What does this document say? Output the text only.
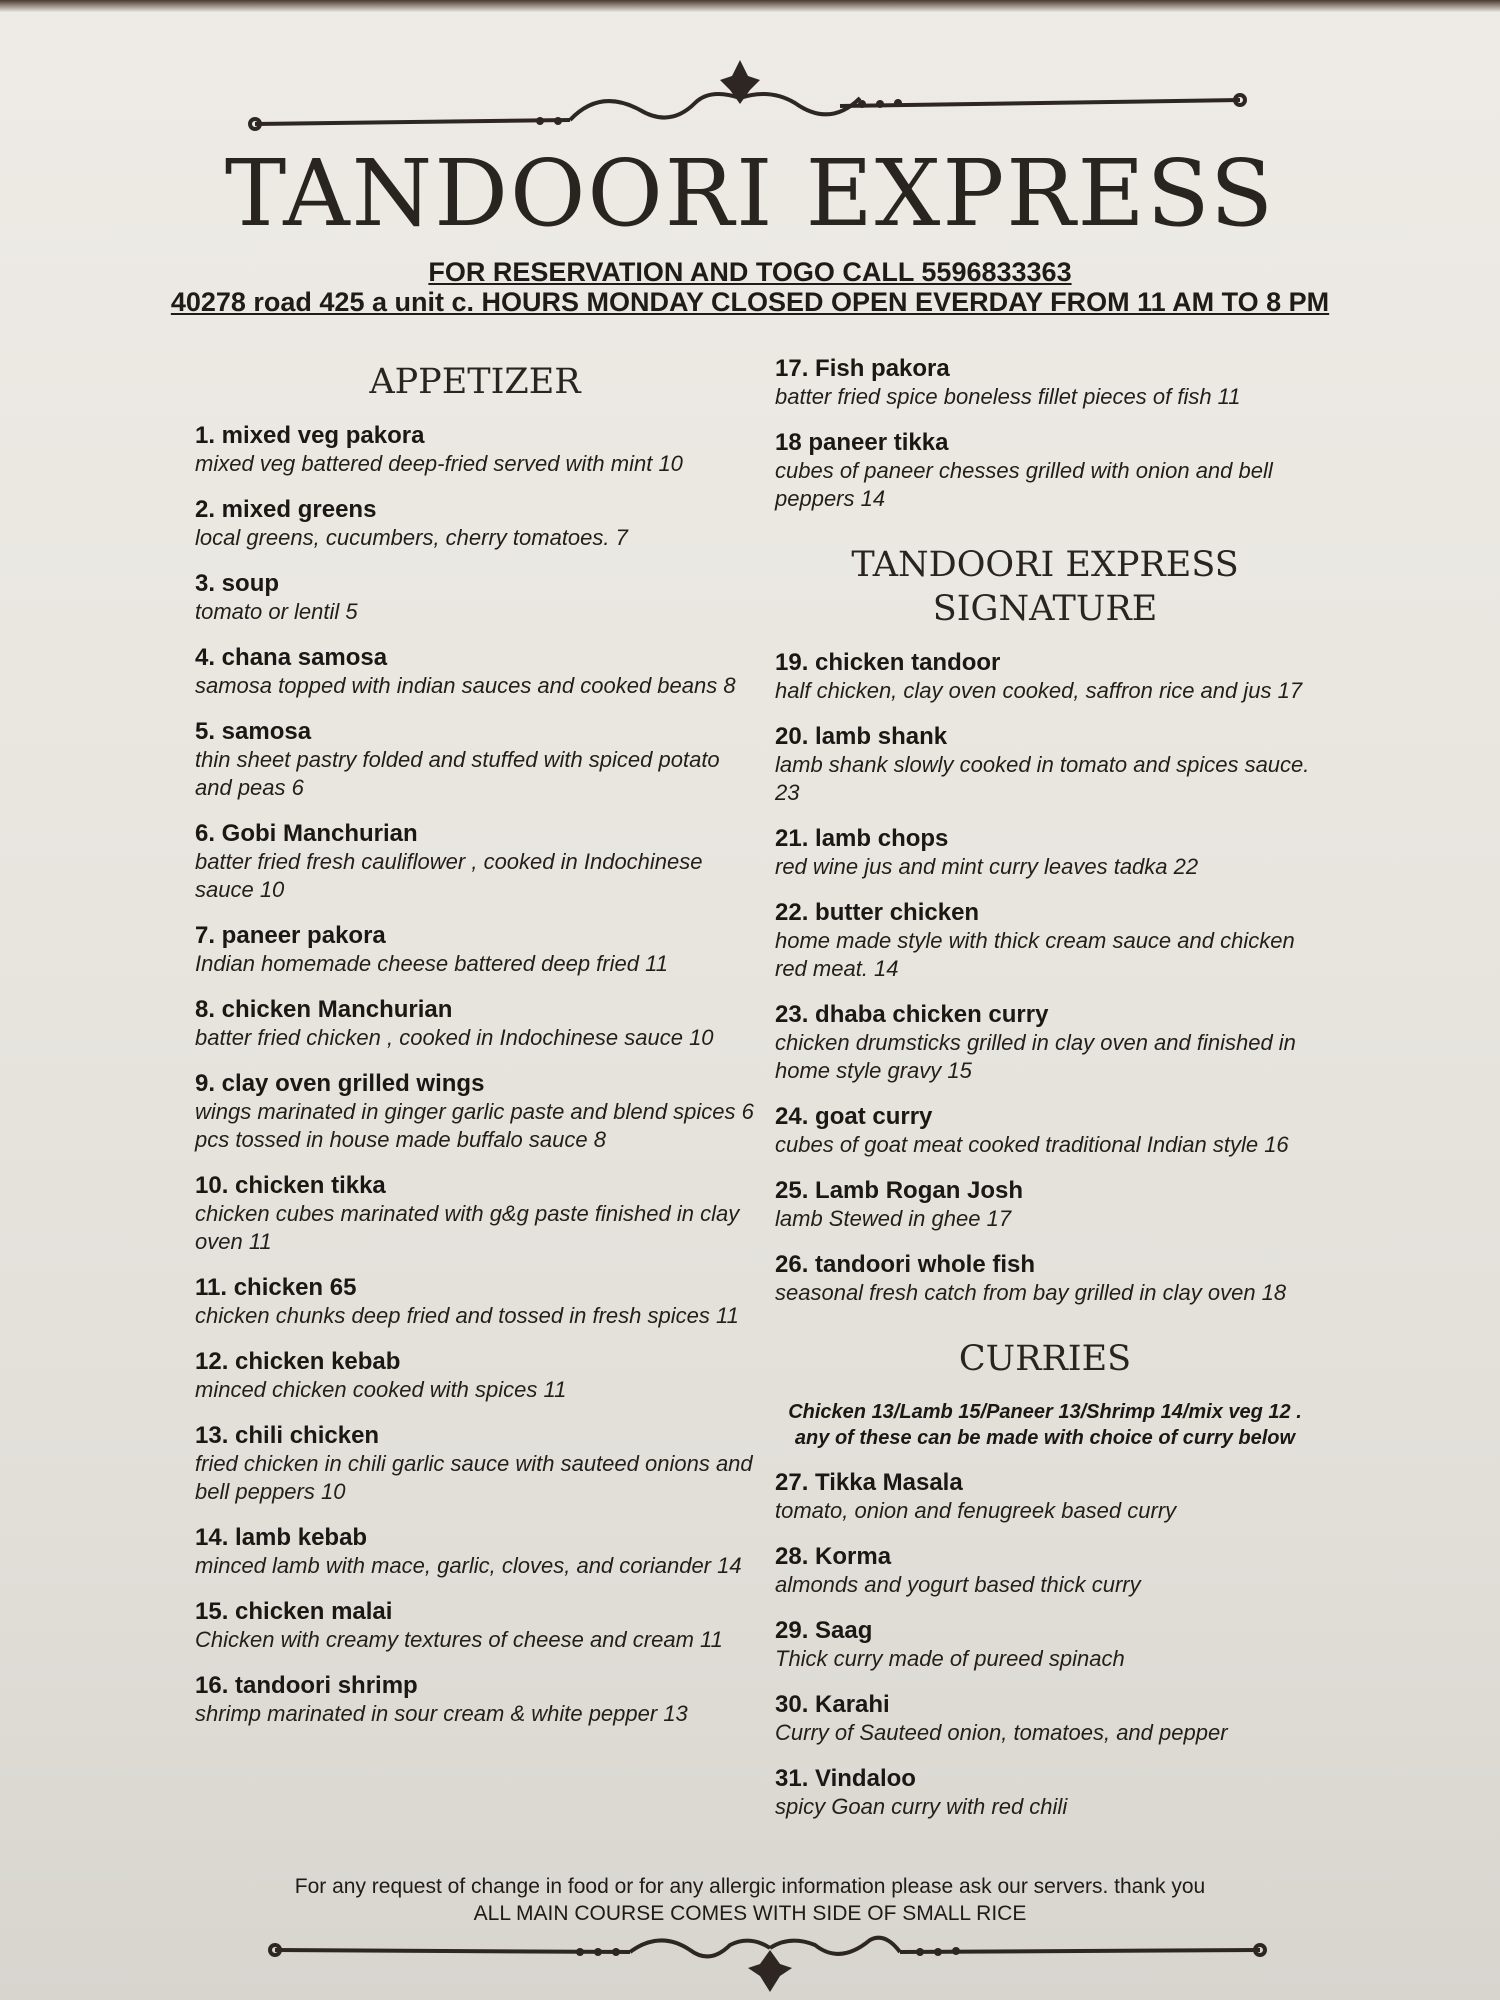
TANDOORI EXPRESS
FOR RESERVATION AND TOGO CALL 5596833363
40278 road 425 a unit c. HOURS MONDAY CLOSED OPEN EVERDAY FROM 11 AM TO 8 PM
APPETIZER
1. mixed veg pakora
mixed veg battered deep-fried served with mint 10
2. mixed greens
local greens, cucumbers, cherry tomatoes. 7
3. soup
tomato or lentil 5
4. chana samosa
samosa topped with indian sauces and cooked beans 8
5. samosa
thin sheet pastry folded and stuffed with spiced potato and peas 6
6. Gobi Manchurian
batter fried fresh cauliflower , cooked in Indochinese sauce 10
7. paneer pakora
Indian homemade cheese battered deep fried 11
8. chicken Manchurian
batter fried chicken , cooked in Indochinese sauce 10
9. clay oven grilled wings
wings marinated in ginger garlic paste and blend spices 6 pcs tossed in house made buffalo sauce 8
10. chicken tikka
chicken cubes marinated with g&g paste finished in clay oven 11
11. chicken 65
chicken chunks deep fried and tossed in fresh spices 11
12. chicken kebab
minced chicken cooked with spices 11
13. chili chicken
fried chicken in chili garlic sauce with sauteed onions and bell peppers 10
14. lamb kebab
minced lamb with mace, garlic, cloves, and coriander 14
15. chicken malai
Chicken with creamy textures of cheese and cream 11
16. tandoori shrimp
shrimp marinated in sour cream & white pepper 13
17. Fish pakora
batter fried spice boneless fillet pieces of fish 11
18 paneer tikka
cubes of paneer chesses grilled with onion and bell peppers 14
TANDOORI EXPRESS
SIGNATURE
19. chicken tandoor
half chicken, clay oven cooked, saffron rice and jus 17
20. lamb shank
lamb shank slowly cooked in tomato and spices sauce. 23
21. lamb chops
red wine jus and mint curry leaves tadka 22
22. butter chicken
home made style with thick cream sauce and chicken red meat. 14
23. dhaba chicken curry
chicken drumsticks grilled in clay oven and finished in home style gravy 15
24. goat curry
cubes of goat meat cooked traditional Indian style 16
25. Lamb Rogan Josh
lamb Stewed in ghee 17
26. tandoori whole fish
seasonal fresh catch from bay grilled in clay oven 18
CURRIES
Chicken 13/Lamb 15/Paneer 13/Shrimp 14/mix veg 12 .
any of these can be made with choice of curry below
27. Tikka Masala
tomato, onion and fenugreek based curry
28. Korma
almonds and yogurt based thick curry
29. Saag
Thick curry made of pureed spinach
30. Karahi
Curry of Sauteed onion, tomatoes, and pepper
31. Vindaloo
spicy Goan curry with red chili
For any request of change in food or for any allergic information please ask our servers. thank you
ALL MAIN COURSE COMES WITH SIDE OF SMALL RICE
